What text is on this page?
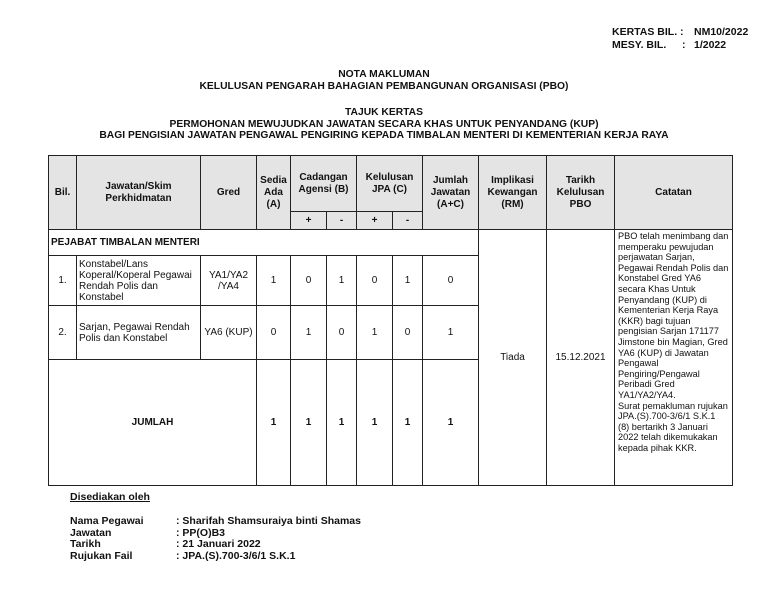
KERTAS BIL. : NM10/2022
MESY. BIL.	: 1/2022
NOTA MAKLUMAN
KELULUSAN PENGARAH BAHAGIAN PEMBANGUNAN ORGANISASI (PBO)
TAJUK KERTAS
PERMOHONAN MEWUJUDKAN JAWATAN SECARA KHAS UNTUK PENYANDANG (KUP)
BAGI PENGISIAN JAWATAN PENGAWAL PENGIRING KEPADA TIMBALAN MENTERI DI KEMENTERIAN KERJA RAYA
Bil.	Jawatan/Skim Perkhidmatan	Gred	Sedia Ada (A)	Cadangan Agensi (B)		Kelulusan JPA (C)		Jumlah Jawatan (A+C)	Implikasi Kewangan (RM)	Tarikh Kelulusan PBO	Catatan
				+	-	+	-				
PEJABAT TIMBALAN MENTERI									Tiada	15.12.2021	PBO telah menimbang dan memperaku pewujudan perjawatan Sarjan, Pegawai Rendah Polis dan Konstabel Gred YA6 secara Khas Untuk Penyandang (KUP) di Kementerian Kerja Raya (KKR) bagi tujuan pengisian Sarjan 171177 Jimstone bin Magian, Gred YA6 (KUP) di Jawatan Pengawal Pengiring/Pengawal Peribadi Gred YA1/YA2/YA4.
Surat pemakluman rujukan JPA.(S).700-3/6/1 S.K.1 (8) bertarikh 3 Januari 2022 telah dikemukakan kepada pihak KKR.

1.	Konstabel/Lans Koperal/Koperal Pegawai Rendah Polis dan Konstabel	YA1/YA2 /YA4	1	0	1	0	1	0			
2.	Sarjan, Pegawai Rendah Polis dan Konstabel	YA6 (KUP)	0	1	0	1	0	1			
JUMLAH			1	1	1	1	1	1			
Disediakan oleh
Nama Pegawai	: Sharifah Shamsuraiya binti Shamas
Jawatan	: PP(O)B3
Tarikh	: 21 Januari 2022
Rujukan Fail	: JPA.(S).700-3/6/1 S.K.1
